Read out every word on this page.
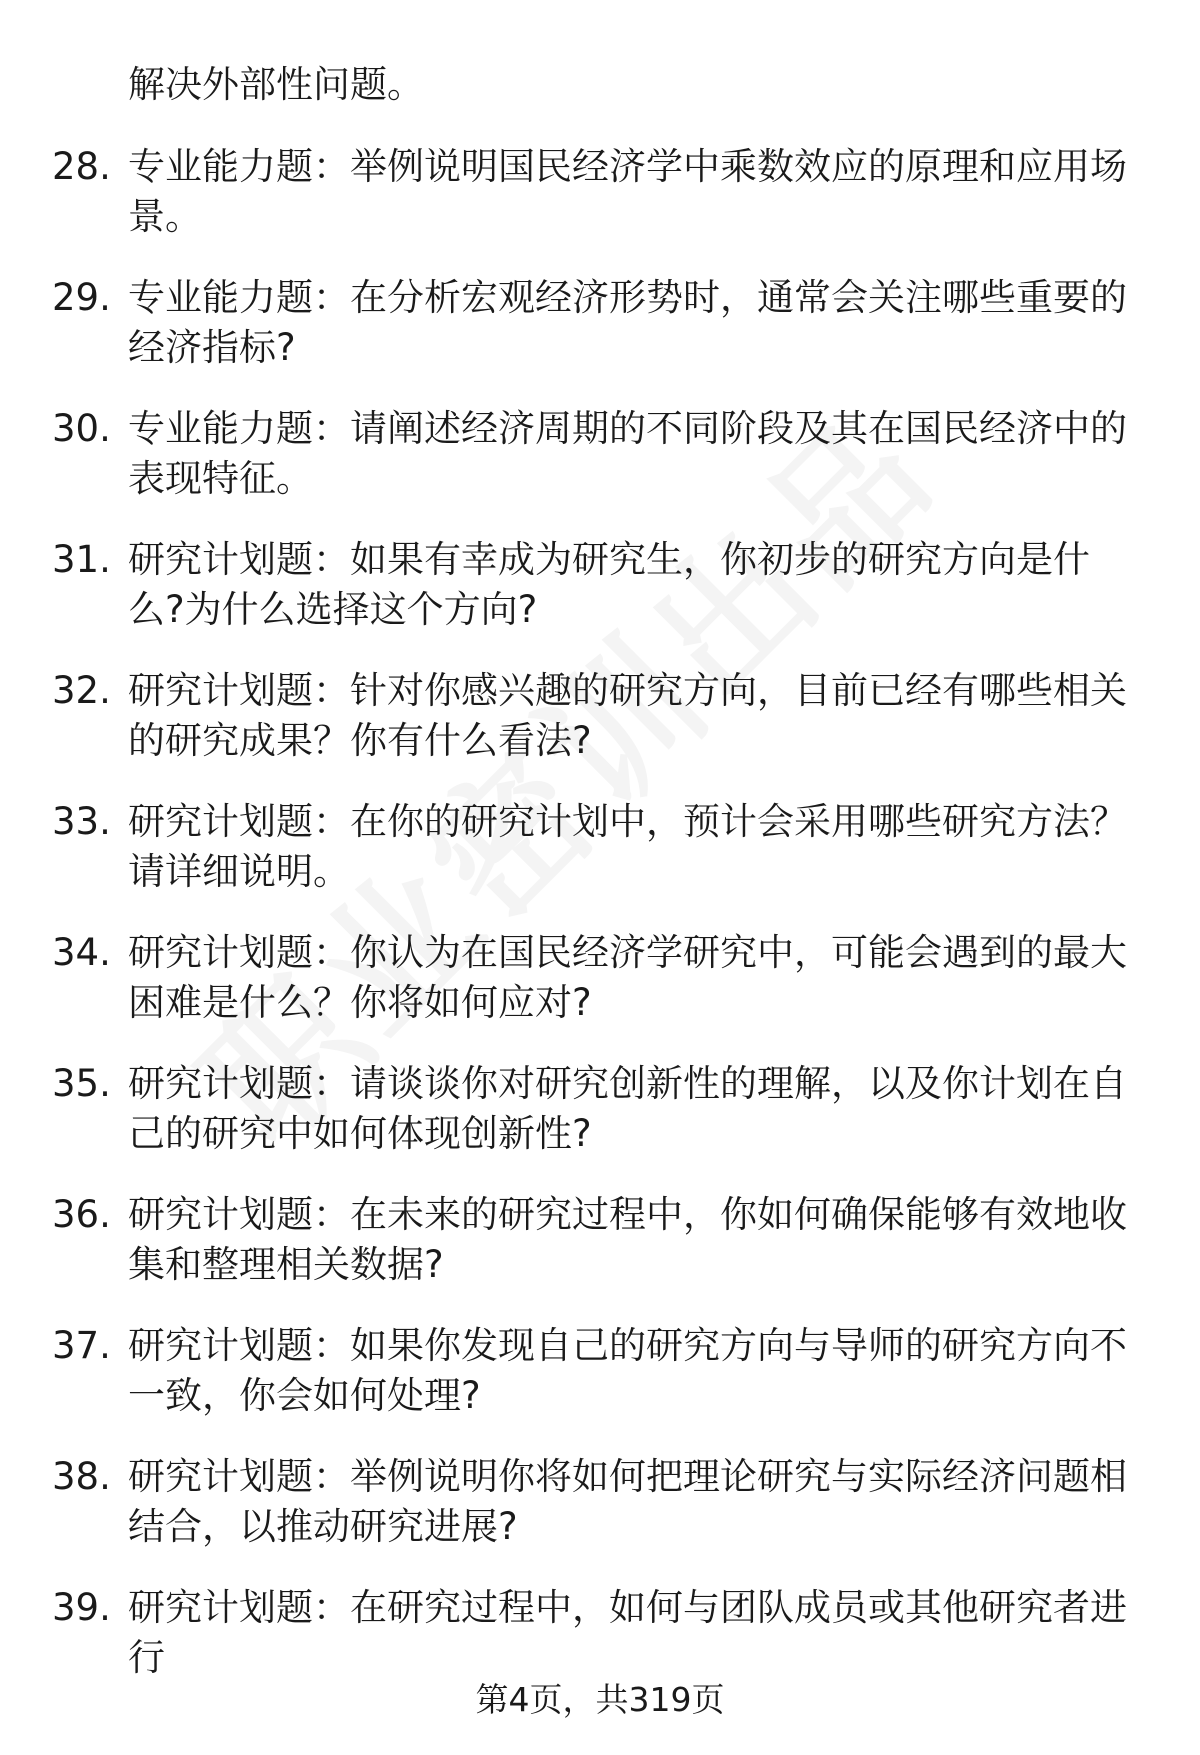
解决外部性问题。
28. 专业能力题：举例说明国民经济学中乘数效应的原理和应用场景。
29. 专业能力题：在分析宏观经济形势时，通常会关注哪些重要的经济指标?
30. 专业能力题：请阐述经济周期的不同阶段及其在国民经济中的表现特征。
31. 研究计划题：如果有幸成为研究生，你初步的研究方向是什么?为什么选择这个方向?
32. 研究计划题：针对你感兴趣的研究方向，目前已经有哪些相关的研究成果？你有什么看法?
33. 研究计划题：在你的研究计划中，预计会采用哪些研究方法？请详细说明。
34. 研究计划题：你认为在国民经济学研究中，可能会遇到的最大困难是什么？你将如何应对?
35. 研究计划题：请谈谈你对研究创新性的理解，以及你计划在自己的研究中如何体现创新性?
36. 研究计划题：在未来的研究过程中，你如何确保能够有效地收集和整理相关数据?
37. 研究计划题：如果你发现自己的研究方向与导师的研究方向不一致，你会如何处理?
38. 研究计划题：举例说明你将如何把理论研究与实际经济问题相结合，以推动研究进展?
39. 研究计划题：在研究过程中，如何与团队成员或其他研究者进行
第4页，共319页
